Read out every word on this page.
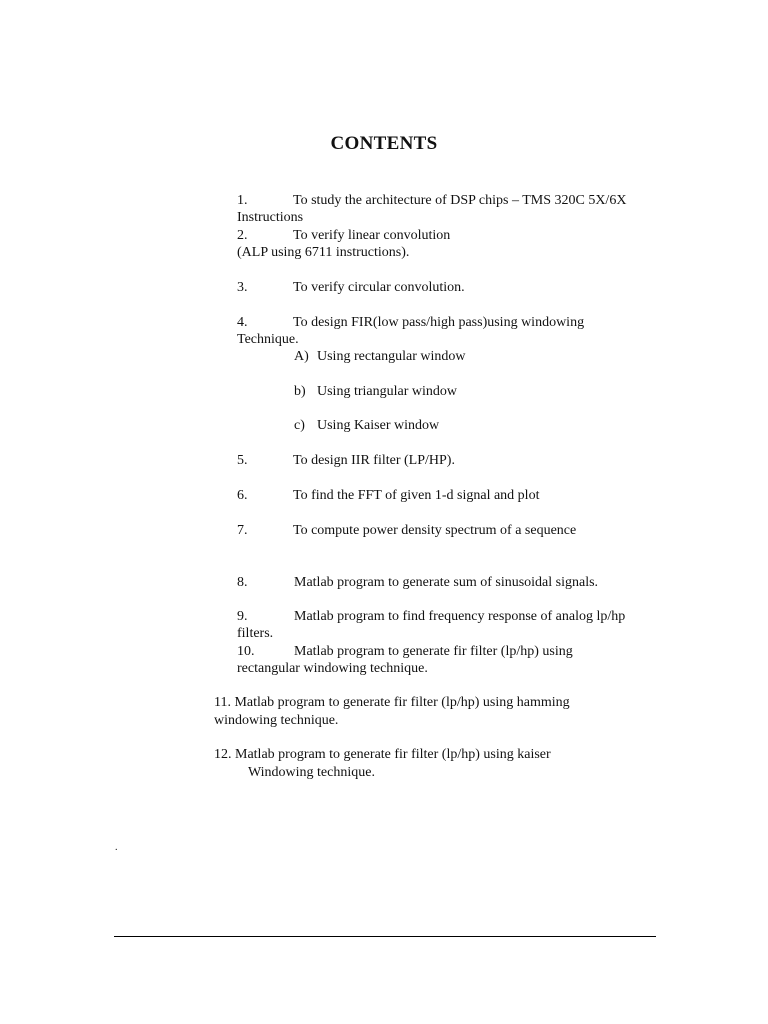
CONTENTS
1.	To study the architecture of DSP chips – TMS 320C 5X/6X
Instructions
2.	To verify linear convolution
(ALP using 6711 instructions).
3.	To verify circular convolution.
4.	To design FIR(low pass/high pass)using windowing
Technique.
A) Using rectangular window
b) Using triangular window
c) Using Kaiser window
5.	To design IIR filter (LP/HP).
6.	To find the FFT of given 1-d signal and plot
7.	To compute power density spectrum of a sequence
8.	Matlab program to generate sum of sinusoidal signals.
9.	Matlab program to find frequency response of analog lp/hp
filters.
10.	Matlab program to generate fir filter (lp/hp) using
rectangular windowing technique.
11. Matlab program to generate fir filter (lp/hp) using hamming
windowing technique.
12. Matlab program to generate fir filter (lp/hp) using kaiser
Windowing technique.
.
